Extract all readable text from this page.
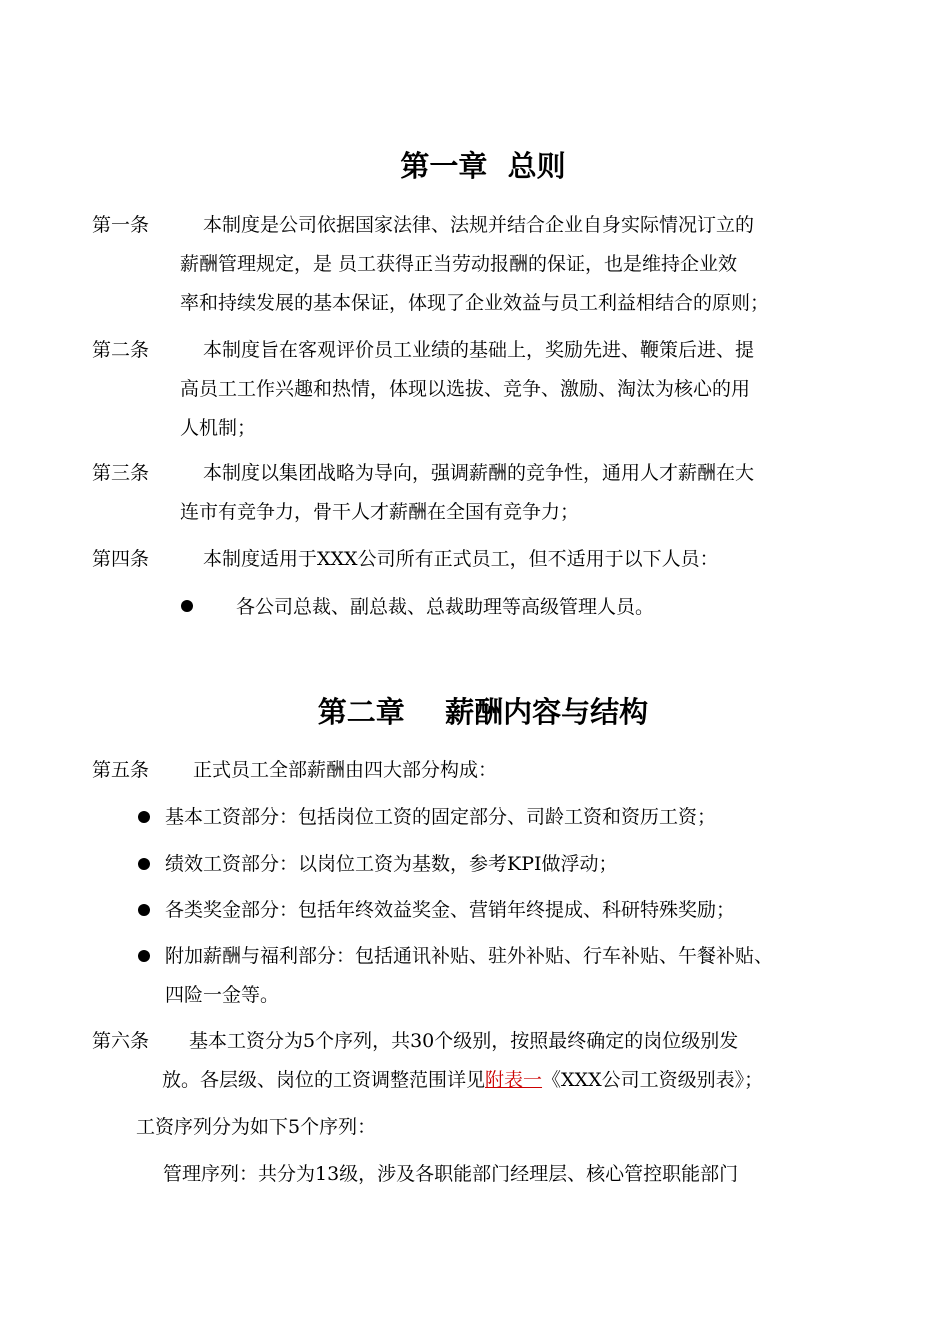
第一章  总则
第一条	本制度是公司依据国家法律、法规并结合企业自身实际情况订立的
薪酬管理规定，是 员工获得正当劳动报酬的保证，也是维持企业效
率和持续发展的基本保证，体现了企业效益与员工利益相结合的原则；
第二条	本制度旨在客观评价员工业绩的基础上，奖励先进、鞭策后进、提
高员工工作兴趣和热情，体现以选拔、竞争、激励、淘汰为核心的用
人机制；
第三条	本制度以集团战略为导向，强调薪酬的竞争性，通用人才薪酬在大
连市有竞争力，骨干人才薪酬在全国有竞争力；
第四条	本制度适用于XXX公司所有正式员工，但不适用于以下人员：
各公司总裁、副总裁、总裁助理等高级管理人员。
第二章    薪酬内容与结构
第五条 正式员工全部薪酬由四大部分构成：
基本工资部分：包括岗位工资的固定部分、司龄工资和资历工资；
绩效工资部分：以岗位工资为基数，参考KPI做浮动；
各类奖金部分：包括年终效益奖金、营销年终提成、科研特殊奖励；
附加薪酬与福利部分：包括通讯补贴、驻外补贴、行车补贴、午餐补贴、
四险一金等。
第六条 基本工资分为5个序列，共30个级别，按照最终确定的岗位级别发
放。各层级、岗位的工资调整范围详见附表一《XXX公司工资级别表》；
工资序列分为如下5个序列：
管理序列：共分为13级，涉及各职能部门经理层、核心管控职能部门
